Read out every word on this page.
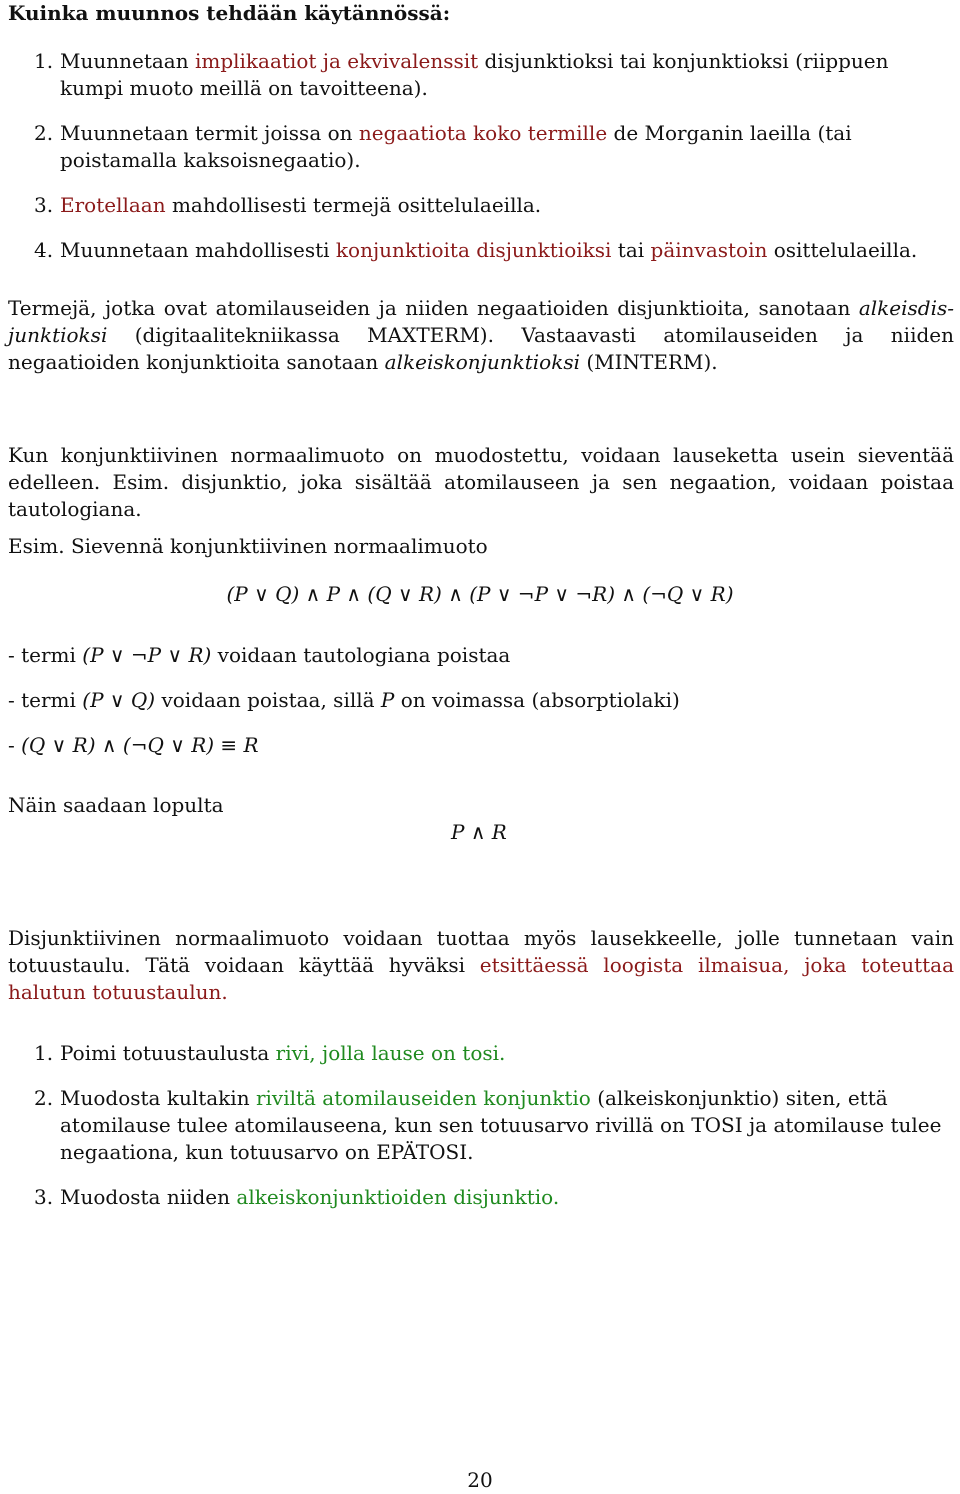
Kuinka muunnos tehdään käytännössä:
1. Muunnetaan implikaatiot ja ekvivalenssit disjunktioksi tai konjunktioksi (riippuen kumpi muoto meillä on tavoitteena).
2. Muunnetaan termit joissa on negaatiota koko termille de Morganin laeilla (tai poistamalla kaksoisnegaatio).
3. Erotellaan mahdollisesti termejä osittelulaeilla.
4. Muunnetaan mahdollisesti konjunktioita disjunktioiksi tai päinvastoin osittelulaeilla.

Termejä, jotka ovat atomilauseiden ja niiden negaatioiden disjunktioita, sanotaan alkeisdis-junktioksi (digitaalitekniikassa MAXTERM). Vastaavasti atomilauseiden ja niiden negaatioiden konjunktioita sanotaan alkeiskonjunktioksi (MINTERM).

Kun konjunktiivinen normaalimuoto on muodostettu, voidaan lauseketta usein sieventää edelleen. Esim. disjunktio, joka sisältää atomilauseen ja sen negaation, voidaan poistaa tautologiana.

Esim. Sievennä konjunktiivinen normaalimuoto

(P ∨ Q) ∧ P ∧ (Q ∨ R) ∧ (P ∨ ¬P ∨ ¬R) ∧ (¬Q ∨ R)
- termi (P ∨ ¬P ∨ R) voidaan tautologiana poistaa
- termi (P ∨ Q) voidaan poistaa, sillä P on voimassa (absorptiolaki)
- (Q ∨ R) ∧ (¬Q ∨ R) ≡ R

Näin saadaan lopulta

P ∧ R

Disjunktiivinen normaalimuoto voidaan tuottaa myös lausekkeelle, jolle tunnetaan vain totuustaulu. Tätä voidaan käyttää hyväksi etsittäessä loogista ilmaisua, joka toteuttaa halutun totuustaulun.

1. Poimi totuustaulusta rivi, jolla lause on tosi.
2. Muodosta kultakin riviltä atomilauseiden konjunktio (alkeiskonjunktio) siten, että atomilause tulee atomilauseena, kun sen totuusarvo rivillä on TOSI ja atomilause tulee negaationa, kun totuusarvo on EPÄTOSI.
3. Muodosta niiden alkeiskonjunktioiden disjunktio.
20
